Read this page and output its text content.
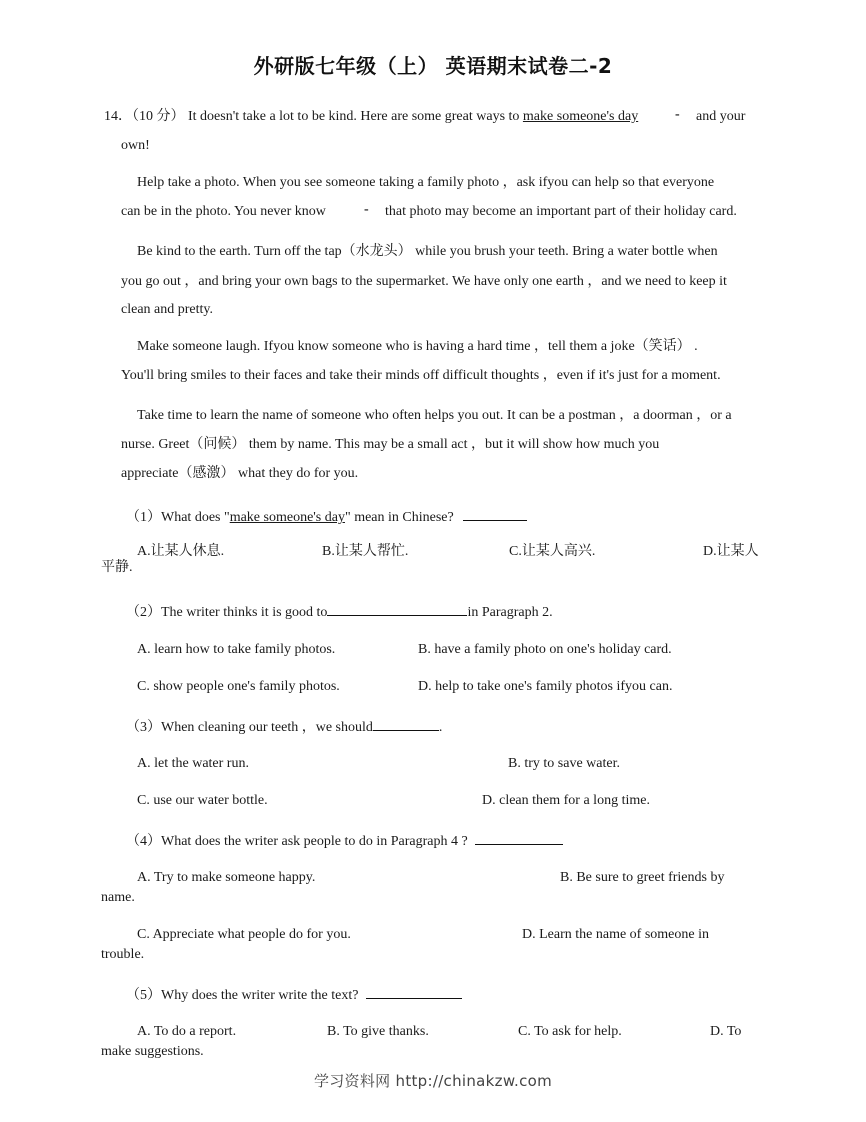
外研版七年级（上） 英语期末试卷二-2
14．（10 分） It doesn't take a lot to be kind. Here are some great ways to make someone's day	- and your
own!
Help take a photo. When you see someone taking a family photo ，ask ifyou can help so that everyone
can be in the photo. You never know	- that photo may become an important part of their holiday card.
Be kind to the earth. Turn off the tap（水龙头） while you brush your teeth. Bring a water bottle when
you go out ，and bring your own bags to the supermarket. We have only one earth ，and we need to keep it
clean and pretty.
Make someone laugh. Ifyou know someone who is having a hard time ，tell them a joke（笑话） .
You'll bring smiles to their faces and take their minds off difficult thoughts ，even if it's just for a moment.
Take time to learn the name of someone who often helps you out. It can be a postman ，a doorman ，or a
nurse. Greet（问候） them by name. This may be a small act ，but it will show how much you
appreciate（感激） what they do for you.
（1）What does "make someone's day" mean in Chinese?
A.让某人休息.	B.让某人帮忙.	C.让某人高兴.	D.让某人
平静.
（2）The writer thinks it is good to	in Paragraph 2.
A. learn how to take family photos.	B. have a family photo on one's holiday card.
C. show people one's family photos.	D. help to take one's family photos ifyou can.
（3）When cleaning our teeth ，we should	.
A. let the water run.	B. try to save water.
C. use our water bottle.	D. clean them for a long time.
（4）What does the writer ask people to do in Paragraph 4 ?
A. Try to make someone happy.	B. Be sure to greet friends by
name.
C. Appreciate what people do for you.	D. Learn the name of someone in
trouble.
（5）Why does the writer write the text?
A. To do a report.	B. To give thanks.	C. To ask for help.	D. To
make suggestions.
学习资料网 http://chinakzw.com
